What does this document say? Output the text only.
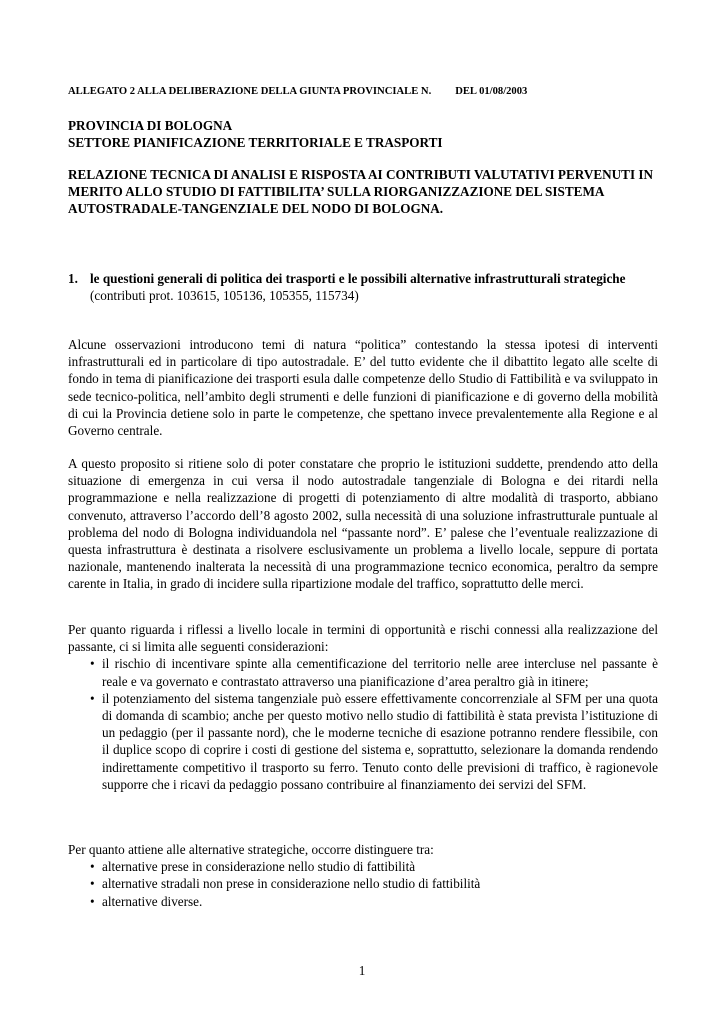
ALLEGATO 2 ALLA DELIBERAZIONE DELLA GIUNTA PROVINCIALE N. DEL 01/08/2003
PROVINCIA DI BOLOGNA
SETTORE PIANIFICAZIONE TERRITORIALE E TRASPORTI
RELAZIONE TECNICA DI ANALISI E RISPOSTA AI CONTRIBUTI VALUTATIVI PERVENUTI IN MERITO ALLO STUDIO DI FATTIBILITA’ SULLA RIORGANIZZAZIONE DEL SISTEMA AUTOSTRADALE-TANGENZIALE DEL NODO DI BOLOGNA.
1. le questioni generali di politica dei trasporti e le possibili alternative infrastrutturali strategiche
(contributi prot. 103615, 105136, 105355, 115734)
Alcune osservazioni introducono temi di natura “politica” contestando la stessa ipotesi di interventi infrastrutturali ed in particolare di tipo autostradale. E’ del tutto evidente che il dibattito legato alle scelte di fondo in tema di pianificazione dei trasporti esula dalle competenze dello Studio di Fattibilità e va sviluppato in sede tecnico-politica, nell’ambito degli strumenti e delle funzioni di pianificazione e di governo della mobilità di cui la Provincia detiene solo in parte le competenze, che spettano invece prevalentemente alla Regione e al Governo centrale.
A questo proposito si ritiene solo di poter constatare che proprio le istituzioni suddette, prendendo atto della situazione di emergenza in cui versa il nodo autostradale tangenziale di Bologna e dei ritardi nella programmazione e nella realizzazione di progetti di potenziamento di altre modalità di trasporto, abbiano convenuto, attraverso l’accordo dell’8 agosto 2002, sulla necessità di una soluzione infrastrutturale puntuale al problema del nodo di Bologna individuandola nel “passante nord”. E’ palese che l’eventuale realizzazione di questa infrastruttura è destinata a risolvere esclusivamente un problema a livello locale, seppure di portata nazionale, mantenendo inalterata la necessità di una programmazione tecnico economica, peraltro da sempre carente in Italia, in grado di incidere sulla ripartizione modale del traffico, soprattutto delle merci.
Per quanto riguarda i riflessi a livello locale in termini di opportunità e rischi connessi alla realizzazione del passante, ci si limita alle seguenti considerazioni:
• il rischio di incentivare spinte alla cementificazione del territorio nelle aree intercluse nel passante è reale e va governato e contrastato attraverso una pianificazione d’area peraltro già in itinere;
• il potenziamento del sistema tangenziale può essere effettivamente concorrenziale al SFM per una quota di domanda di scambio; anche per questo motivo nello studio di fattibilità è stata prevista l’istituzione di un pedaggio (per il passante nord), che le moderne tecniche di esazione potranno rendere flessibile, con il duplice scopo di coprire i costi di gestione del sistema e, soprattutto, selezionare la domanda rendendo indirettamente competitivo il trasporto su ferro. Tenuto conto delle previsioni di traffico, è ragionevole supporre che i ricavi da pedaggio possano contribuire al finanziamento dei servizi del SFM.
Per quanto attiene alle alternative strategiche, occorre distinguere tra:
• alternative prese in considerazione nello studio di fattibilità
• alternative stradali non prese in considerazione nello studio di fattibilità
• alternative diverse.
1
